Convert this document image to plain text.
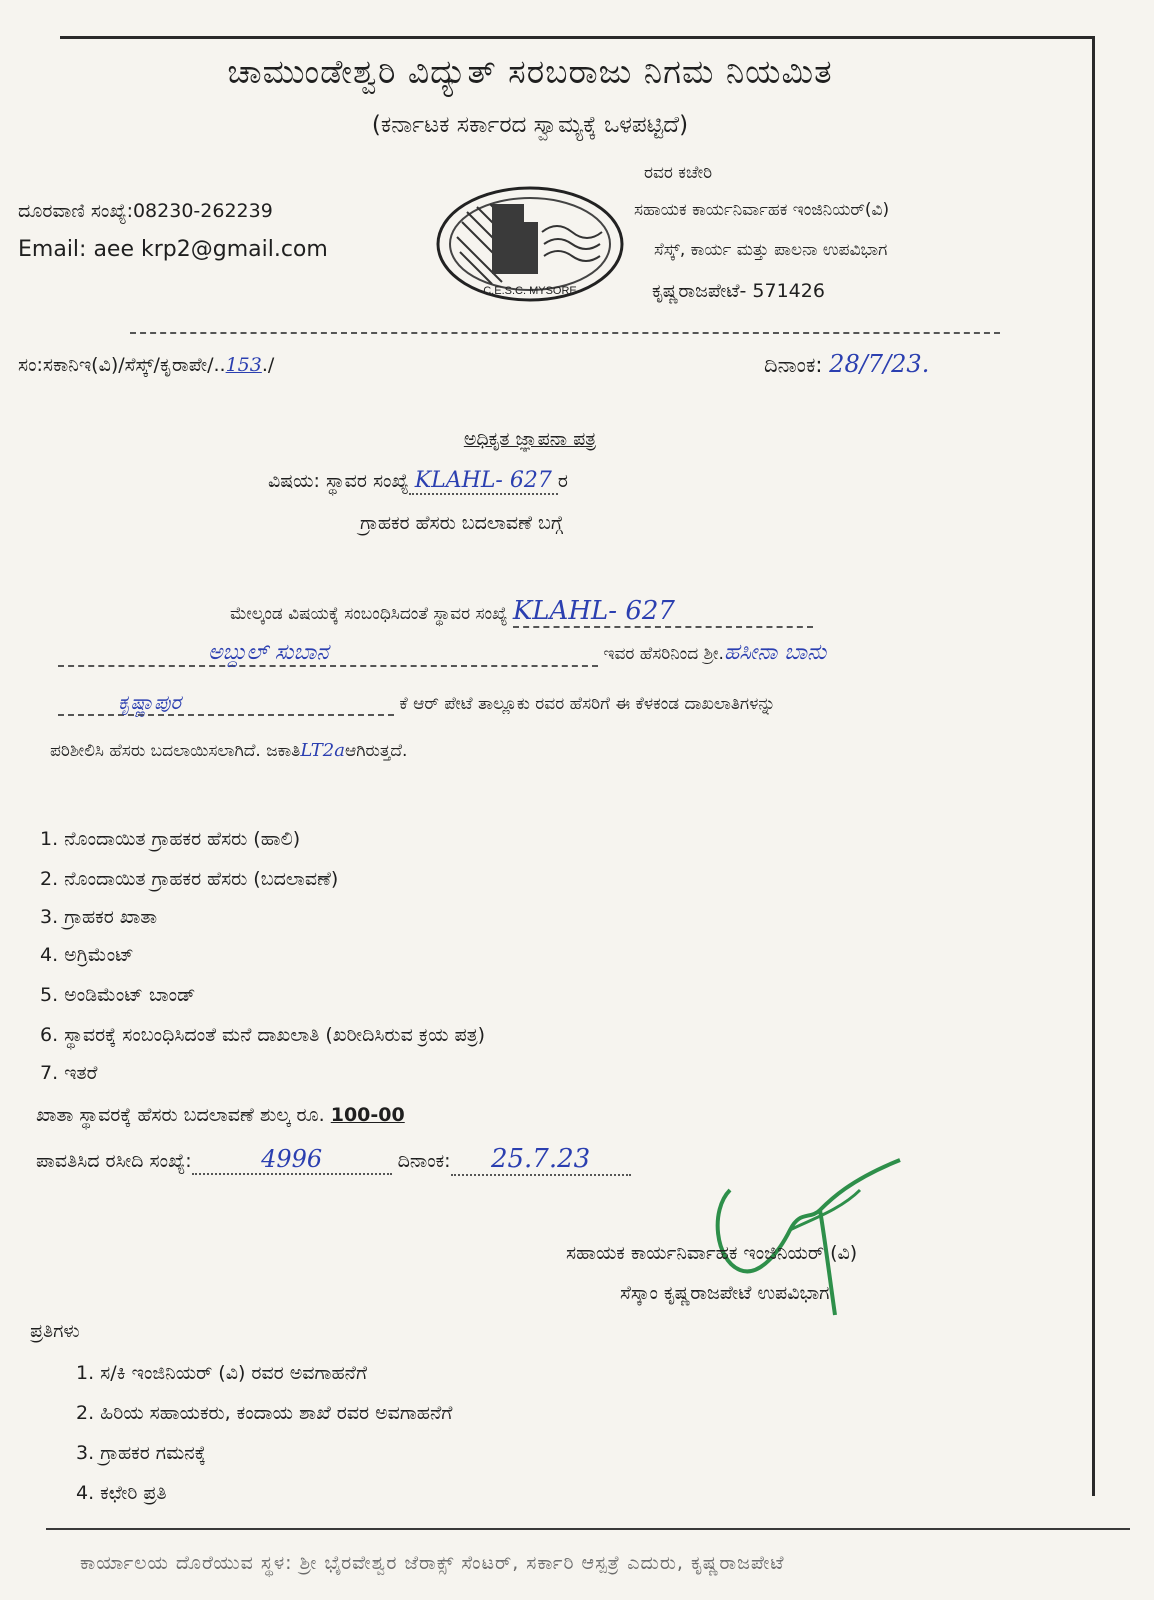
ಚಾಮುಂಡೇಶ್ವರಿ ವಿದ್ಯುತ್ ಸರಬರಾಜು ನಿಗಮ ನಿಯಮಿತ
(ಕರ್ನಾಟಕ ಸರ್ಕಾರದ ಸ್ವಾಮ್ಯಕ್ಕೆ ಒಳಪಟ್ಟಿದೆ)
ದೂರವಾಣಿ ಸಂಖ್ಯೆ:08230-262239
Email: aee krp2@gmail.com
C.E.S.C. MYSORE
ರವರ ಕಚೇರಿ
ಸಹಾಯಕ ಕಾರ್ಯನಿರ್ವಾಹಕ ಇಂಜಿನಿಯರ್(ವಿ)
ಸೆಸ್ಕ್, ಕಾರ್ಯ ಮತ್ತು ಪಾಲನಾ ಉಪವಿಭಾಗ
ಕೃಷ್ಣರಾಜಪೇಟೆ- 571426
ಸಂ:ಸಕಾನಿಇ(ವಿ)/ಸೆಸ್ಕ್/ಕೃರಾಪೇ/..153./	ದಿನಾಂಕ: 28/7/23.
ಅಧಿಕೃತ ಜ್ಞಾಪನಾ ಪತ್ರ
ವಿಷಯ: ಸ್ಥಾವರ ಸಂಖ್ಯೆ KLAHL- 627 ರ
ಗ್ರಾಹಕರ ಹೆಸರು ಬದಲಾವಣೆ ಬಗ್ಗೆ
ಮೇಲ್ಕಂಡ ವಿಷಯಕ್ಕೆ ಸಂಬಂಧಿಸಿದಂತೆ ಸ್ಥಾವರ ಸಂಖ್ಯೆ KLAHL- 627
ಅಬ್ದುಲ್ ಸುಬಾನ	ಇವರ ಹೆಸರಿನಿಂದ ಶ್ರೀ.ಹಸೀನಾ ಬಾನು
ಕೃಷ್ಣಾಪುರ	ಕೆ ಆರ್ ಪೇಟೆ ತಾಲ್ಲೂಕು ರವರ ಹೆಸರಿಗೆ ಈ ಕೆಳಕಂಡ ದಾಖಲಾತಿಗಳನ್ನು
ಪರಿಶೀಲಿಸಿ ಹೆಸರು ಬದಲಾಯಿಸಲಾಗಿದೆ. ಜಕಾತಿLT2aಆಗಿರುತ್ತದೆ.
1. ನೊಂದಾಯಿತ ಗ್ರಾಹಕರ ಹೆಸರು (ಹಾಲಿ)
2. ನೊಂದಾಯಿತ ಗ್ರಾಹಕರ ಹೆಸರು (ಬದಲಾವಣೆ)
3. ಗ್ರಾಹಕರ ಖಾತಾ
4. ಅಗ್ರಿಮೆಂಟ್
5. ಅಂಡಿಮೆಂಟ್ ಬಾಂಡ್
6. ಸ್ಥಾವರಕ್ಕೆ ಸಂಬಂಧಿಸಿದಂತೆ ಮನೆ ದಾಖಲಾತಿ (ಖರೀದಿಸಿರುವ ಕ್ರಯ ಪತ್ರ)
7. ಇತರೆ
ಖಾತಾ ಸ್ಥಾವರಕ್ಕೆ ಹೆಸರು ಬದಲಾವಣೆ ಶುಲ್ಕ ರೂ. 100-00
ಪಾವತಿಸಿದ ರಸೀದಿ ಸಂಖ್ಯೆ:	4996	ದಿನಾಂಕ: 25.7.23
ಸಹಾಯಕ ಕಾರ್ಯನಿರ್ವಾಹಕ ಇಂಜಿನಿಯರ್ (ವಿ)
ಸೆಸ್ಕಾಂ ಕೃಷ್ಣರಾಜಪೇಟೆ ಉಪವಿಭಾಗ
ಪ್ರತಿಗಳು
1. ಸ/ಕಿ ಇಂಜಿನಿಯರ್ (ವಿ) ರವರ ಅವಗಾಹನೆಗೆ
2. ಹಿರಿಯ ಸಹಾಯಕರು, ಕಂದಾಯ ಶಾಖೆ ರವರ ಅವಗಾಹನೆಗೆ
3. ಗ್ರಾಹಕರ ಗಮನಕ್ಕೆ
4. ಕಛೇರಿ ಪ್ರತಿ
ಕಾರ್ಯಾಲಯ ದೊರೆಯುವ ಸ್ಥಳ: ಶ್ರೀ ಭೈರವೇಶ್ವರ ಜೆರಾಕ್ಸ್ ಸೆಂಟರ್, ಸರ್ಕಾರಿ ಆಸ್ಪತ್ರೆ ಎದುರು, ಕೃಷ್ಣರಾಜಪೇಟೆ
